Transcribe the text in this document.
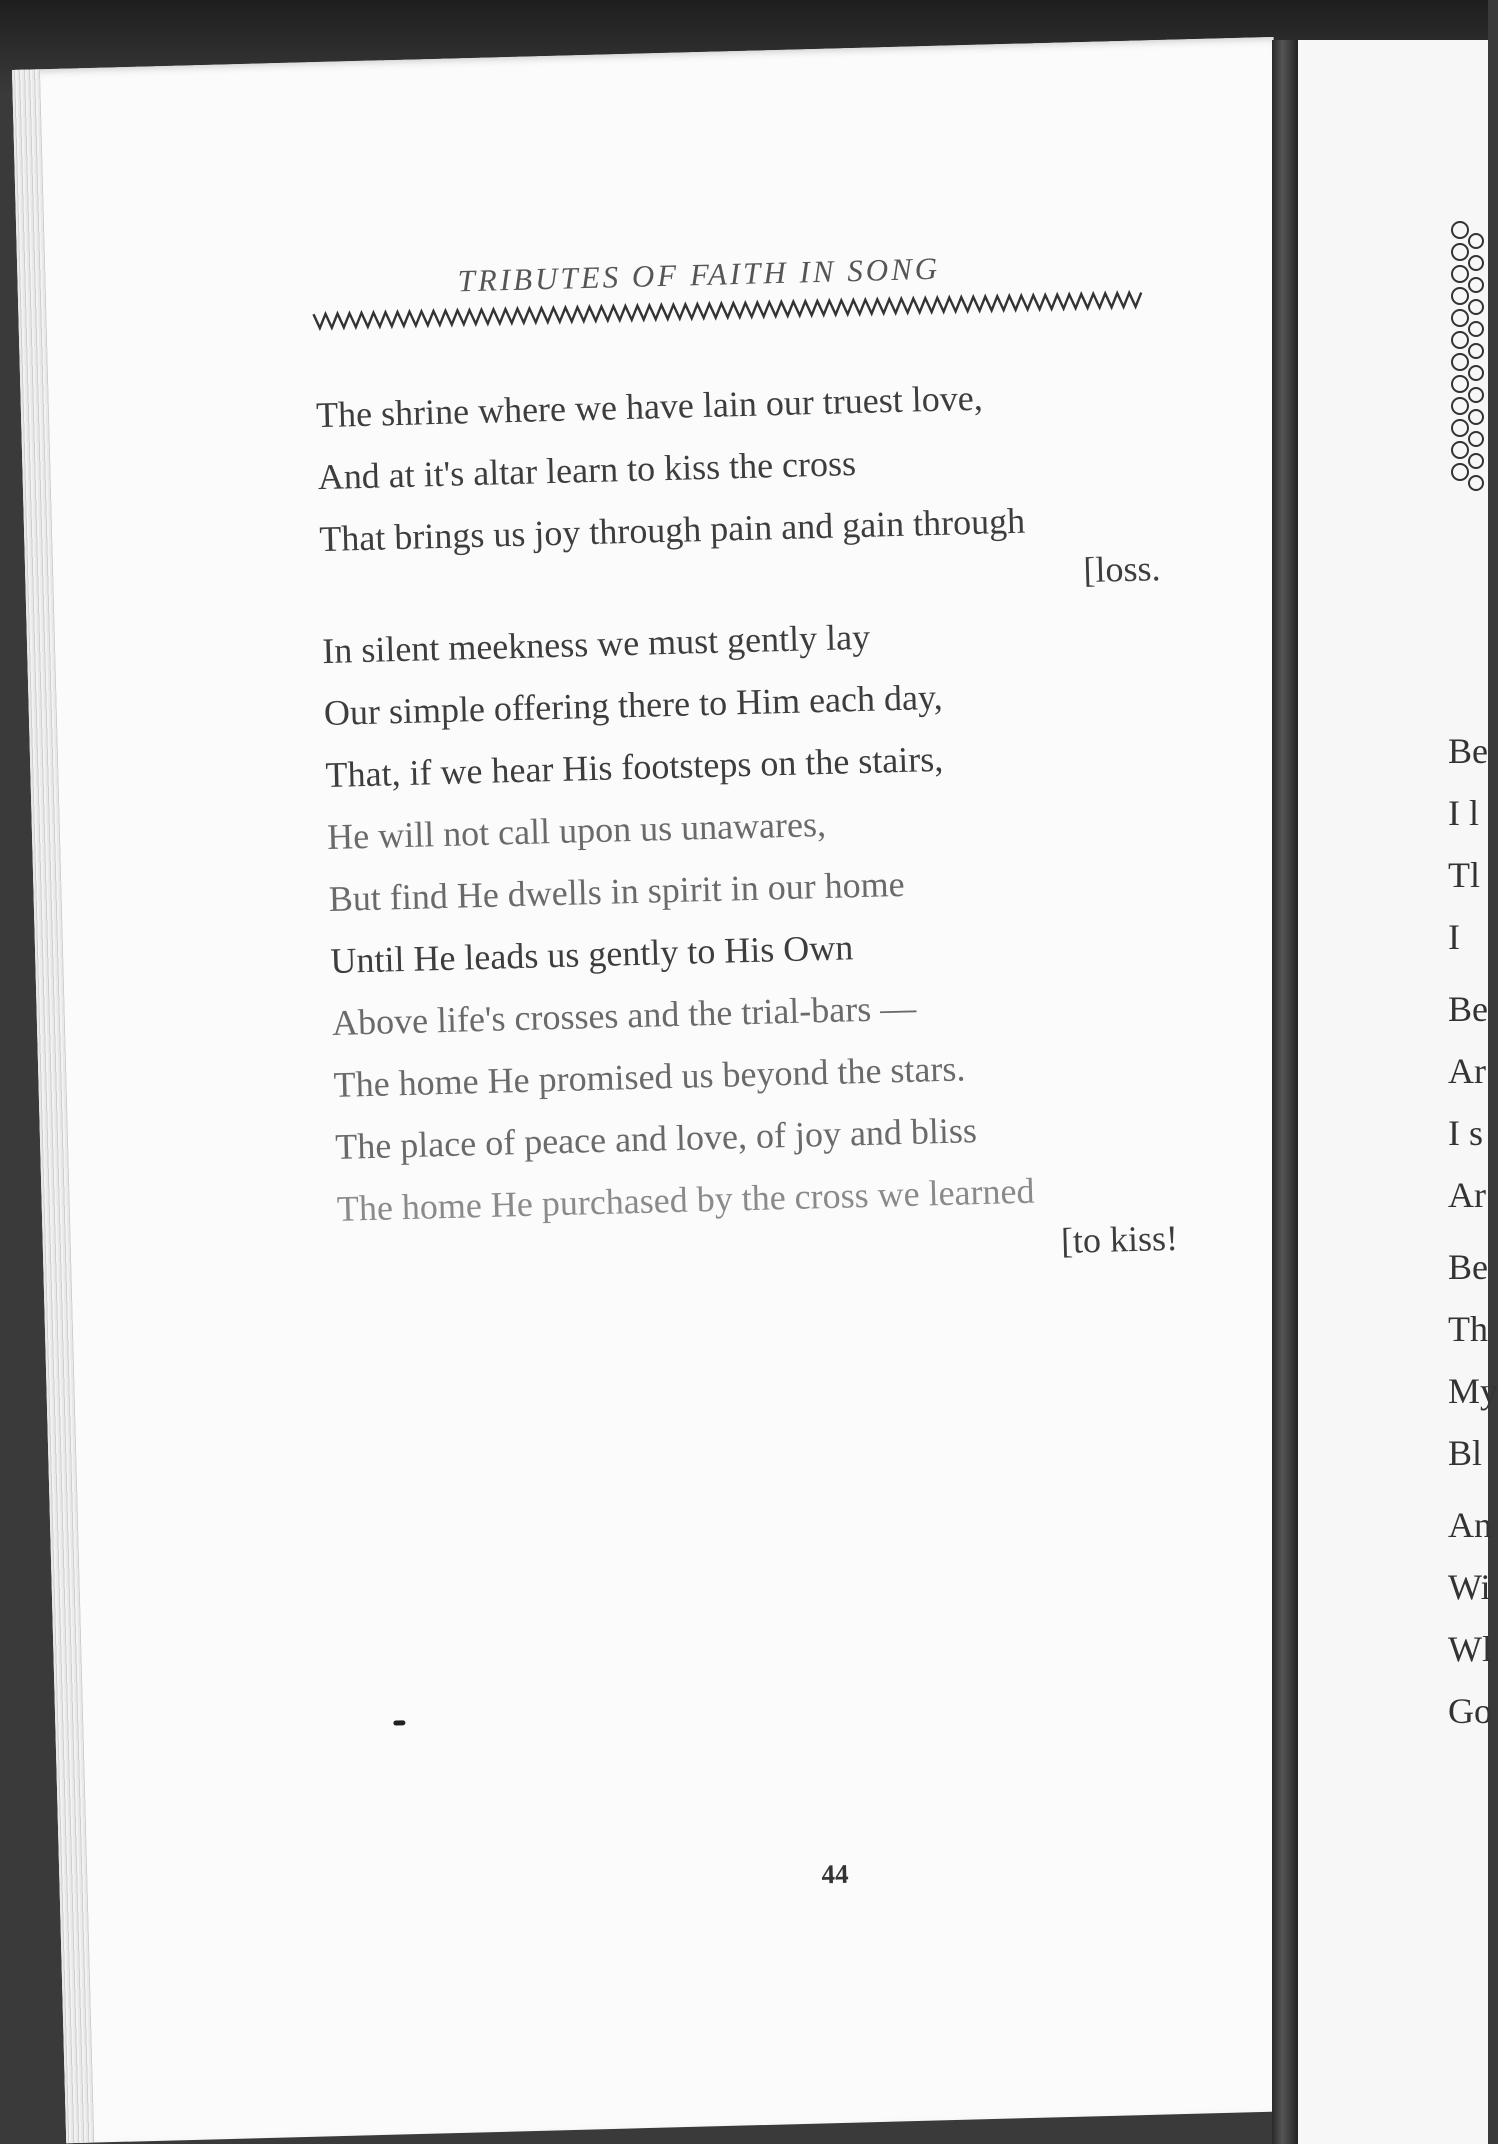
TRIBUTES OF FAITH IN SONG
The shrine where we have lain our truest love,
And at it's altar learn to kiss the cross
That brings us joy through pain and gain through
[loss.
In silent meekness we must gently lay
Our simple offering there to Him each day,
That, if we hear His footsteps on the stairs,
He will not call upon us unawares,
But find He dwells in spirit in our home
Until He leads us gently to His Own
Above life's crosses and the trial-bars —
The home He promised us beyond the stars.
The place of peace and love, of joy and bliss
The home He purchased by the cross we learned
[to kiss!

44

Be

I l

Tl

I

Be

Ar

I s

Ar

Be

Th

My

Bl

An

Wi

Wl

Go
